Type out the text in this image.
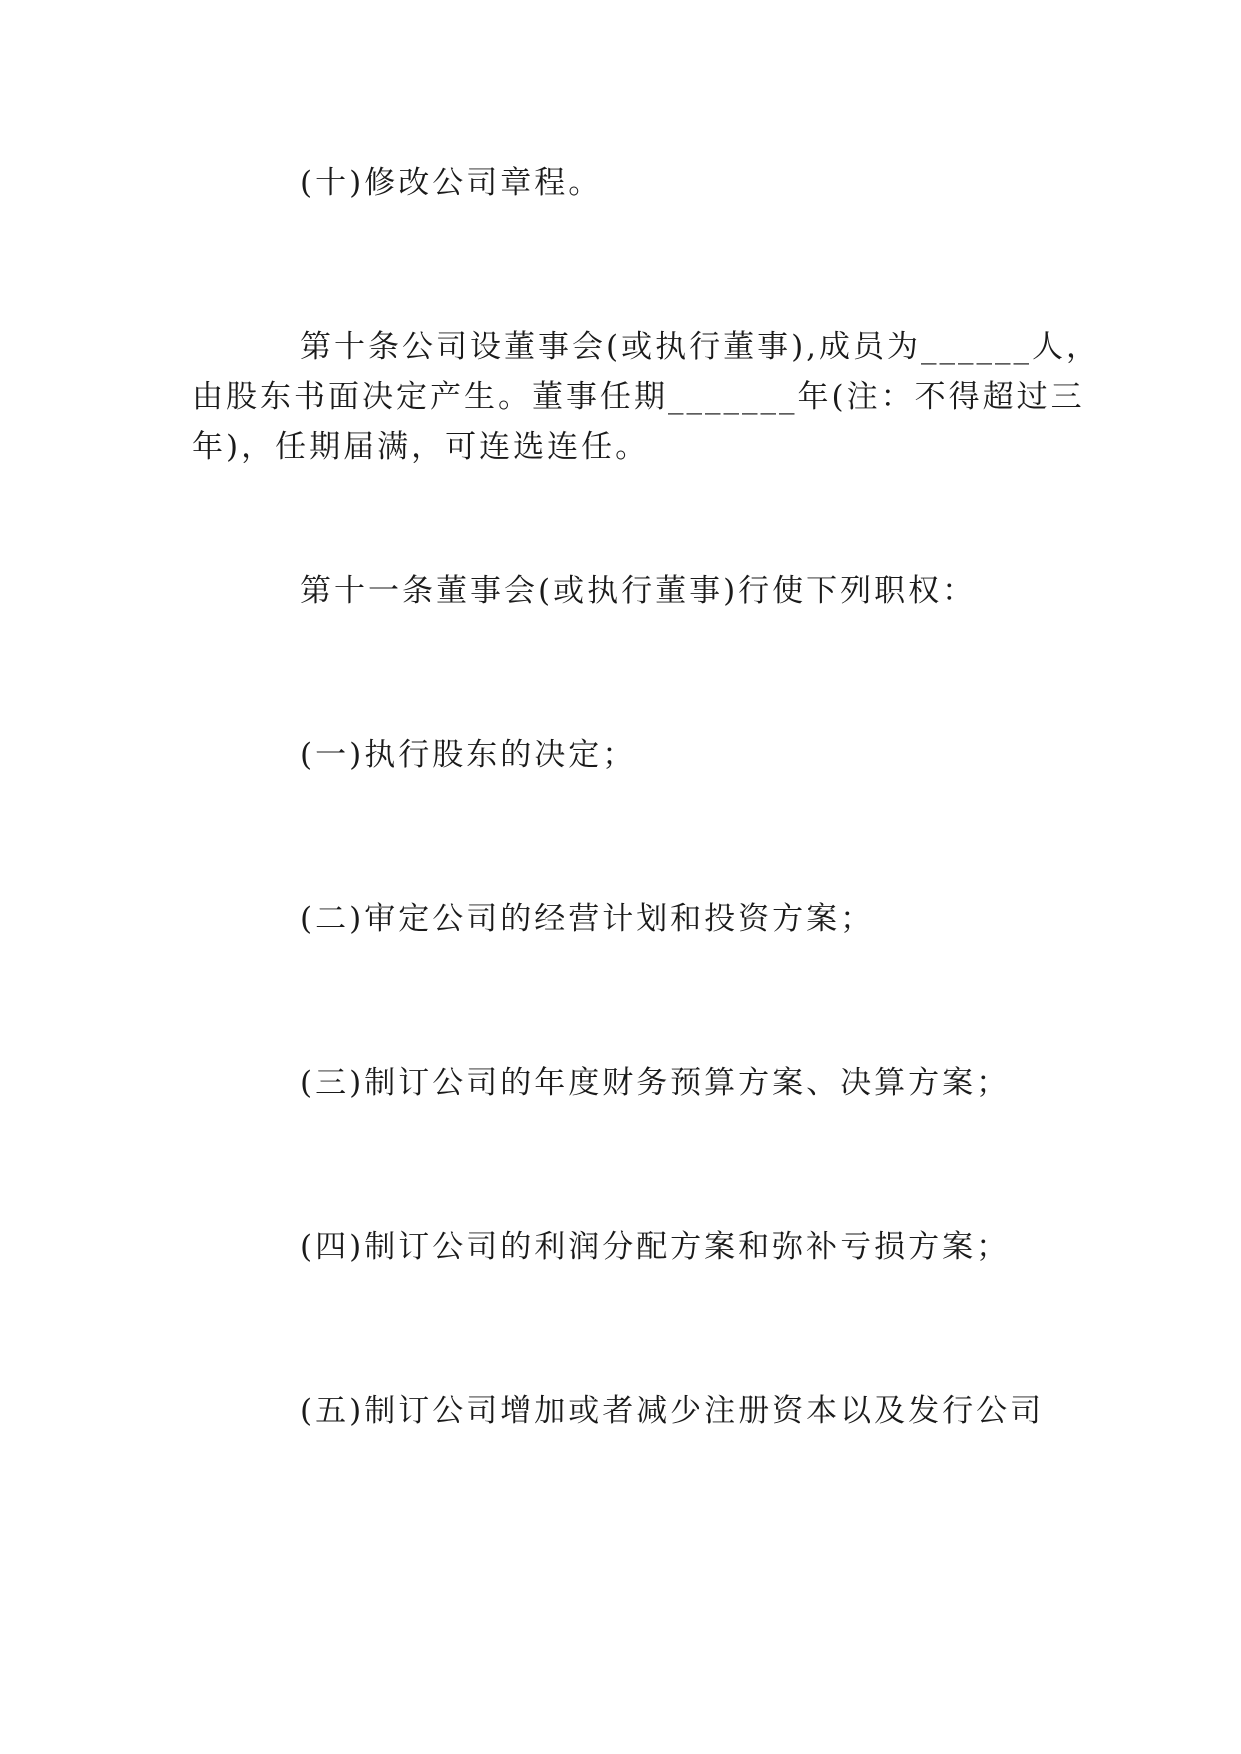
(十)修改公司章程。

第十条公司设董事会(或执行董事),成员为______人，
由股东书面决定产生。董事任期_______年(注：不得超过三
年)，任期届满，可连选连任。

第十一条董事会(或执行董事)行使下列职权：

(一)执行股东的决定；

(二)审定公司的经营计划和投资方案；

(三)制订公司的年度财务预算方案、决算方案；

(四)制订公司的利润分配方案和弥补亏损方案；

(五)制订公司增加或者减少注册资本以及发行公司
